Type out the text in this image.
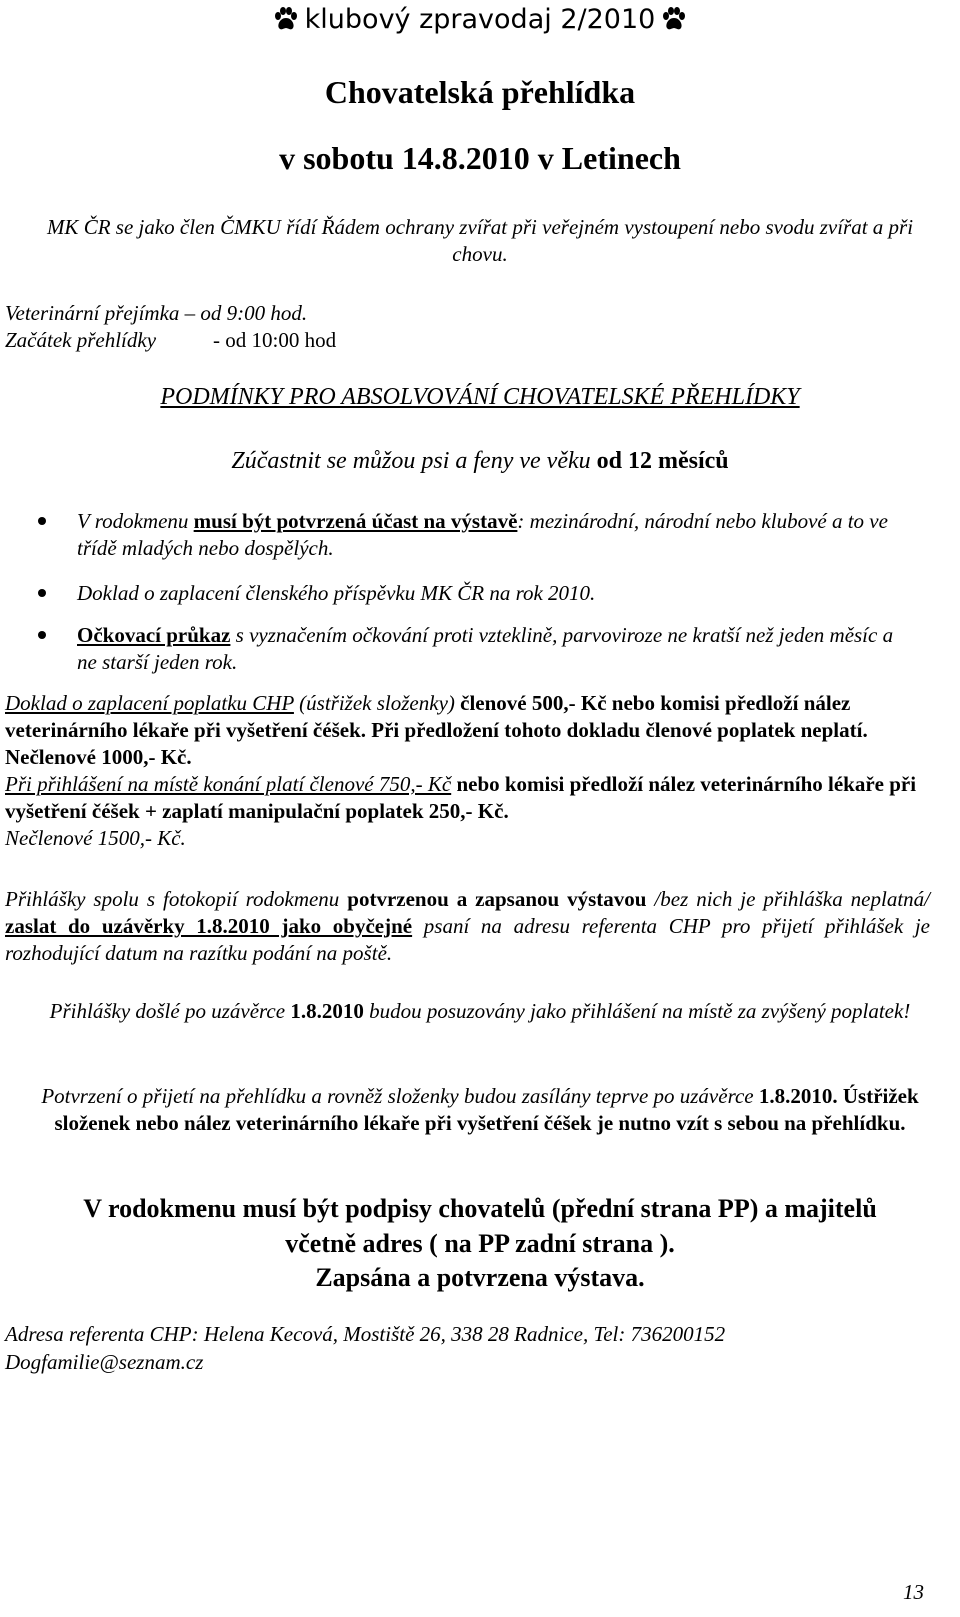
klubový zpravodaj 2/2010
Chovatelská přehlídka
v sobotu 14.8.2010 v Letinech
MK ČR se jako člen ČMKU řídí Řádem ochrany zvířat při veřejném vystoupení nebo svodu zvířat a při chovu.
Veterinární přejímka – od 9:00 hod.
Začátek přehlídky	- od 10:00 hod
PODMÍNKY PRO ABSOLVOVÁNÍ CHOVATELSKÉ PŘEHLÍDKY
Zúčastnit se můžou psi a feny ve věku od 12 měsíců
V rodokmenu musí být potvrzená účast na výstavě: mezinárodní, národní nebo klubové a to ve třídě mladých nebo dospělých.
Doklad o zaplacení členského příspěvku MK ČR na rok 2010.
Očkovací průkaz s vyznačením očkování proti vzteklině, parvoviroze ne kratší než jeden měsíc a ne starší jeden rok.
Doklad o zaplacení poplatku CHP (ústřižek složenky) členové 500,- Kč nebo komisi předloží nález veterinárního lékaře při vyšetření čéšek. Při předložení tohoto dokladu členové poplatek neplatí. Nečlenové 1000,- Kč.
Při přihlášení na místě konání platí členové 750,- Kč nebo komisi předloží nález veterinárního lékaře při vyšetření čéšek + zaplatí manipulační poplatek 250,- Kč.
Nečlenové 1500,- Kč.
Přihlášky spolu s fotokopií rodokmenu potvrzenou a zapsanou výstavou /bez nich je přihláška neplatná/ zaslat do uzávěrky 1.8.2010 jako obyčejné psaní na adresu referenta CHP pro přijetí přihlášek je rozhodující datum na razítku podání na poště.
Přihlášky došlé po uzávěrce 1.8.2010 budou posuzovány jako přihlášení na místě za zvýšený poplatek!
Potvrzení o přijetí na přehlídku a rovněž složenky budou zasílány teprve po uzávěrce 1.8.2010. Ústřižek složenek nebo nález veterinárního lékaře při vyšetření čéšek je nutno vzít s sebou na přehlídku.
V rodokmenu musí být podpisy chovatelů (přední strana PP) a majitelů
včetně adres ( na PP zadní strana ).
Zapsána a potvrzena výstava.
Adresa referenta CHP: Helena Kecová, Mostiště 26, 338 28 Radnice, Tel: 736200152
Dogfamilie@seznam.cz
13
